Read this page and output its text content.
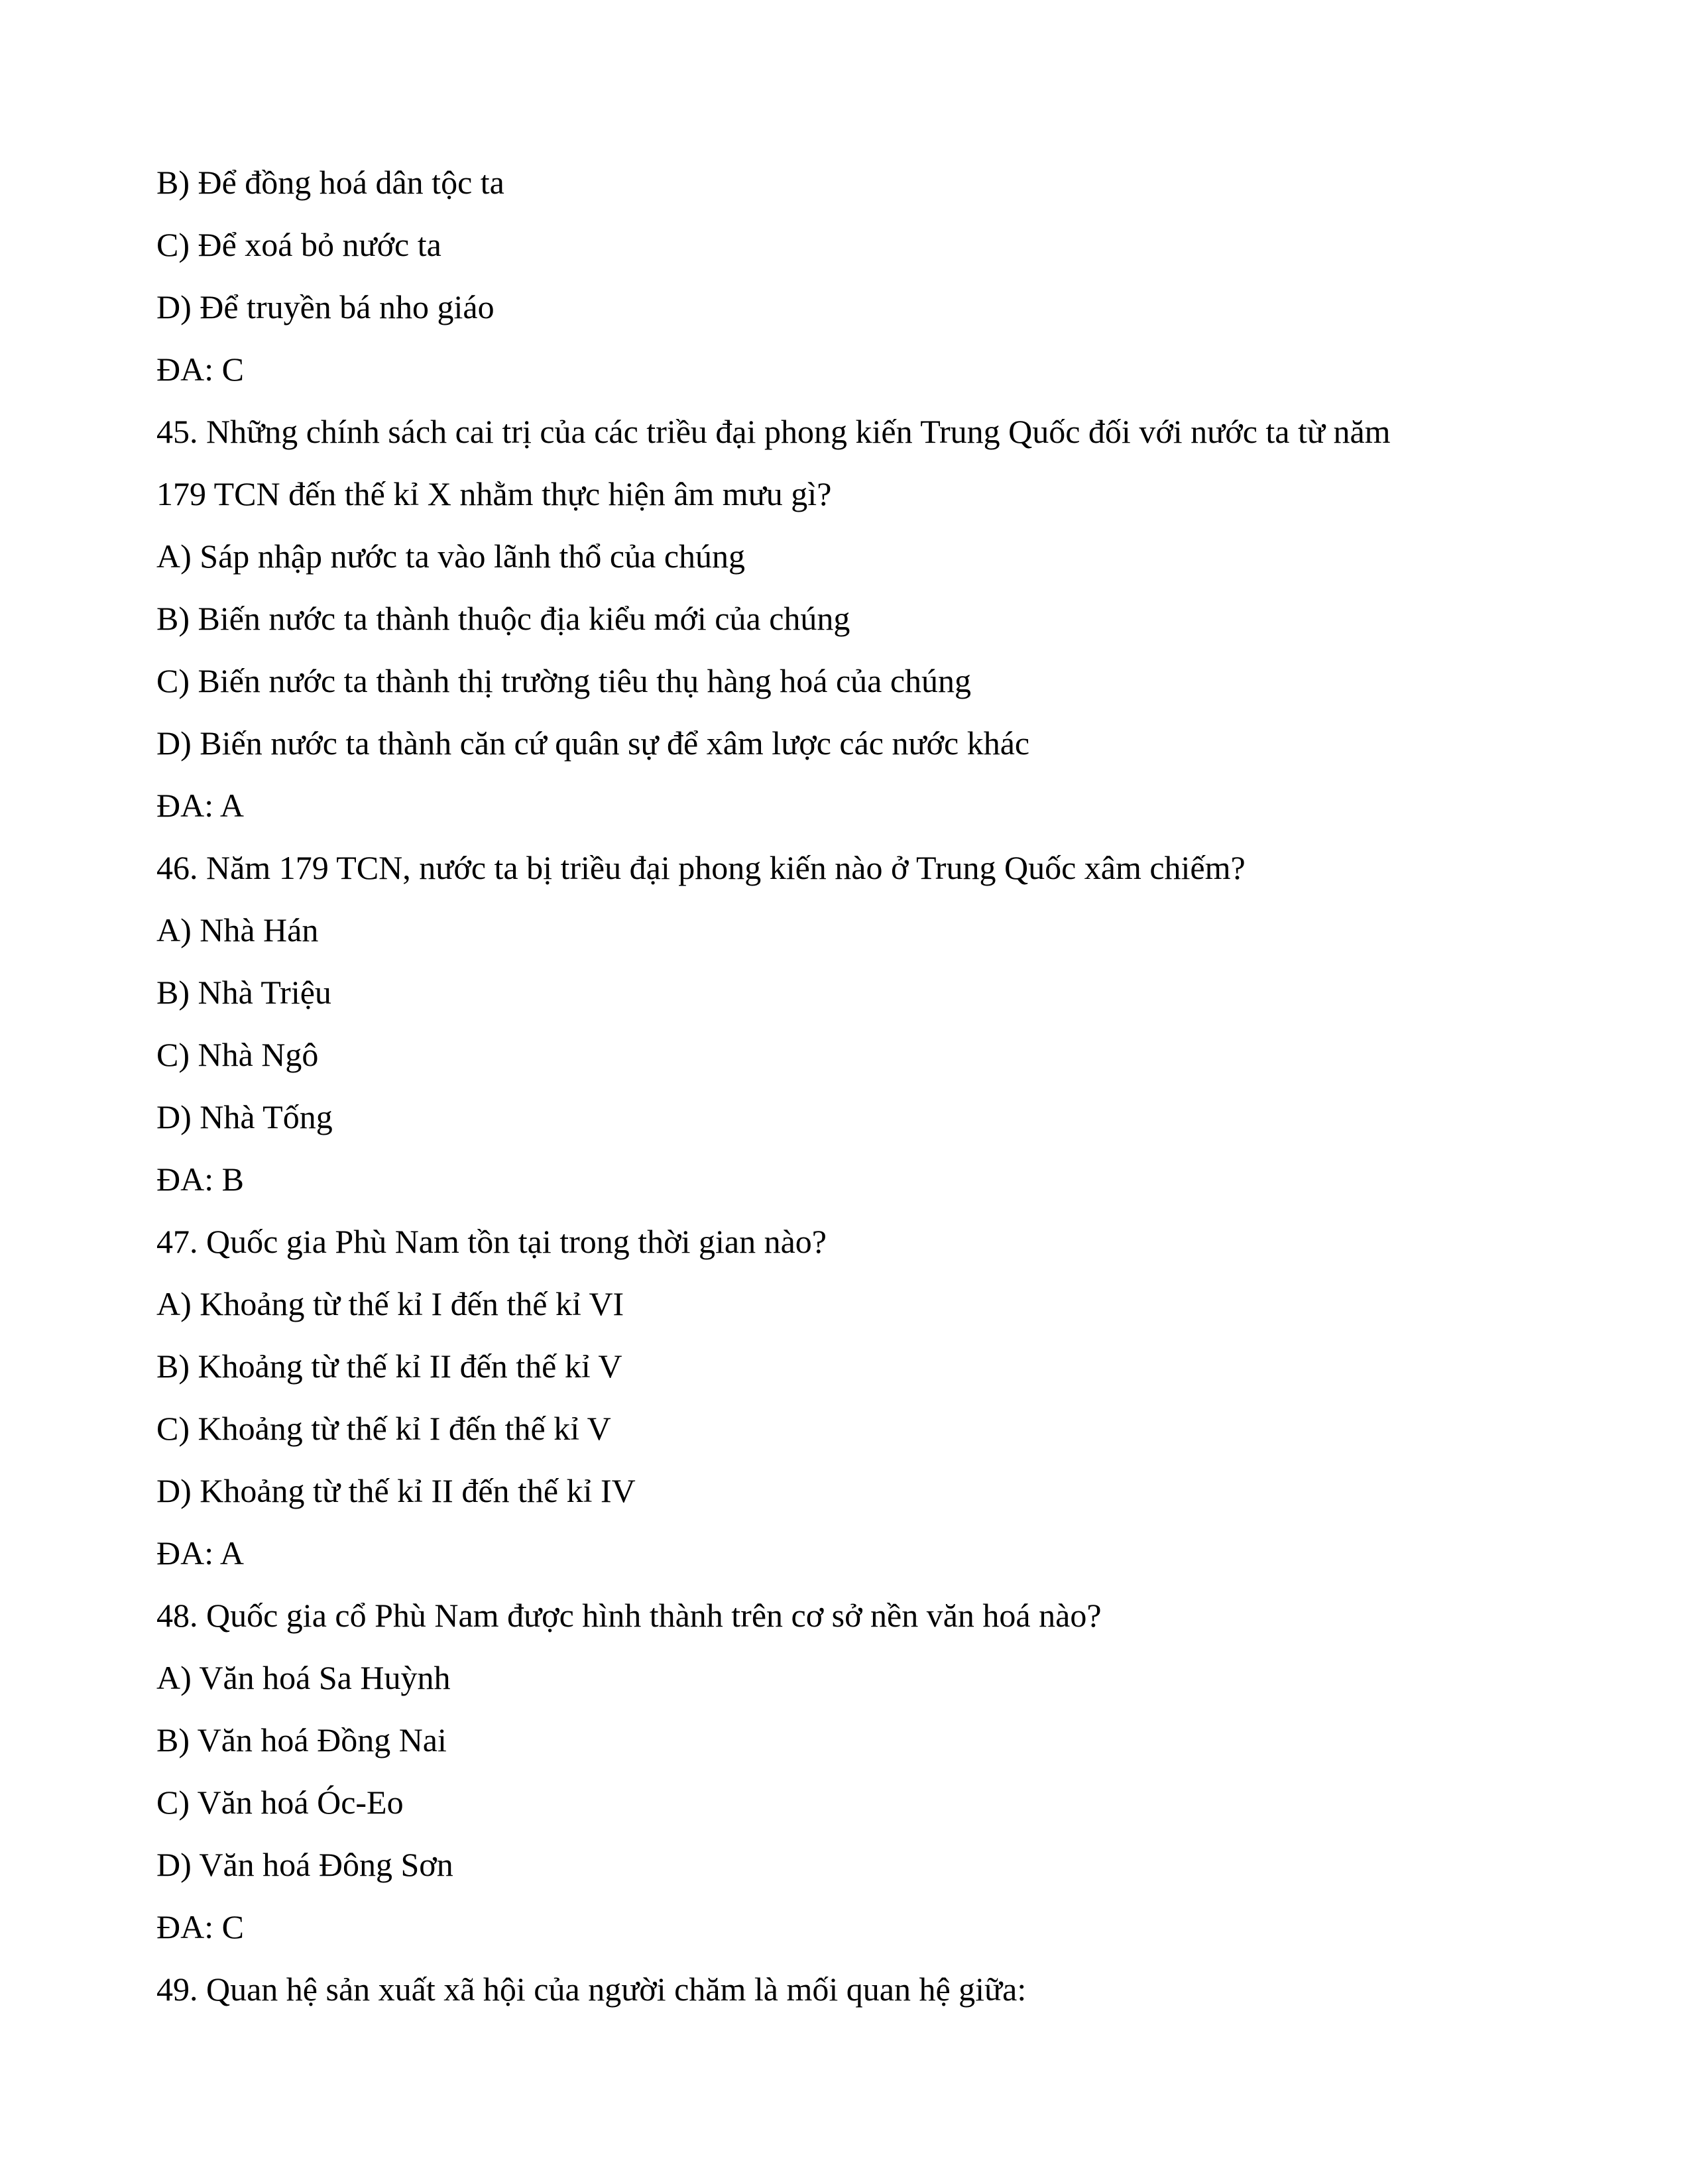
B) Để đồng hoá dân tộc ta
C) Để xoá bỏ nước ta
D) Để truyền bá nho giáo
ĐA: C
45. Những chính sách cai trị của các triều đại phong kiến Trung Quốc đối với nước ta từ năm
179 TCN đến thế kỉ X nhằm thực hiện âm mưu gì?
A) Sáp nhập nước ta vào lãnh thổ của chúng
B) Biến nước ta thành thuộc địa kiểu mới của chúng
C) Biến nước ta thành thị trường tiêu thụ hàng hoá của chúng
D) Biến nước ta thành căn cứ quân sự để xâm lược các nước khác
ĐA: A
46. Năm 179 TCN, nước ta bị triều đại phong kiến nào ở Trung Quốc xâm chiếm?
A) Nhà Hán
B) Nhà Triệu
C) Nhà Ngô
D) Nhà Tống
ĐA: B
47. Quốc gia Phù Nam tồn tại trong thời gian nào?
A) Khoảng từ thế kỉ I đến thế kỉ VI
B) Khoảng từ thế kỉ II đến thế kỉ V
C) Khoảng từ thế kỉ I đến thế kỉ V
D) Khoảng từ thế kỉ II đến thế kỉ IV
ĐA: A
48. Quốc gia cổ Phù Nam được hình thành trên cơ sở nền văn hoá nào?
A) Văn hoá Sa Huỳnh
B) Văn hoá Đồng Nai
C) Văn hoá Óc-Eo
D) Văn hoá Đông Sơn
ĐA: C
49. Quan hệ sản xuất xã hội của người chăm là mối quan hệ giữa:
